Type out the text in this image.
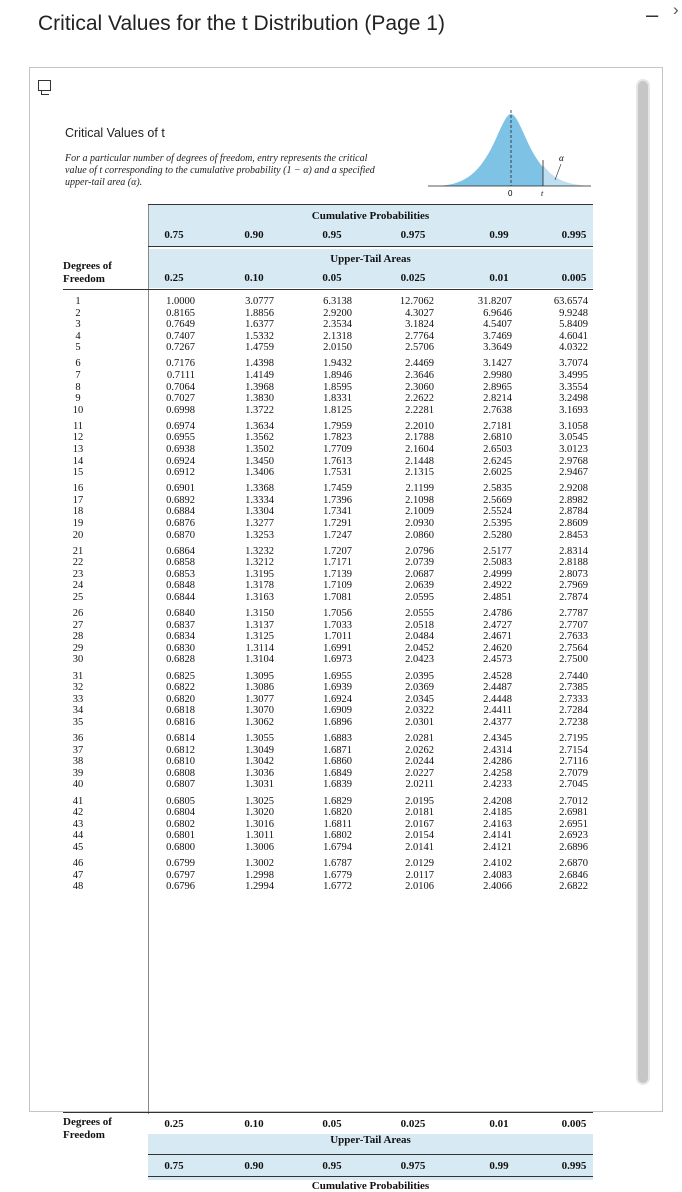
Critical Values for the t Distribution (Page 1)	– ›
Critical Values of t
For a particular number of degrees of freedom, entry represents the critical value of t corresponding to the cumulative probability (1 − α) and a specified upper-tail area (α).
α
0	t
Cumulative Probabilities
0.75	0.90	0.95	0.975	0.99	0.995
Upper-Tail Areas
Degrees of
Freedom	0.25	0.10	0.05	0.025	0.01	0.005
1	1.0000	3.0777	6.3138	12.7062	31.8207	63.6574
2	0.8165	1.8856	2.9200	4.3027	6.9646	9.9248
3	0.7649	1.6377	2.3534	3.1824	4.5407	5.8409
4	0.7407	1.5332	2.1318	2.7764	3.7469	4.6041
5	0.7267	1.4759	2.0150	2.5706	3.3649	4.0322
6	0.7176	1.4398	1.9432	2.4469	3.1427	3.7074
7	0.7111	1.4149	1.8946	2.3646	2.9980	3.4995
8	0.7064	1.3968	1.8595	2.3060	2.8965	3.3554
9	0.7027	1.3830	1.8331	2.2622	2.8214	3.2498
10	0.6998	1.3722	1.8125	2.2281	2.7638	3.1693
11	0.6974	1.3634	1.7959	2.2010	2.7181	3.1058
12	0.6955	1.3562	1.7823	2.1788	2.6810	3.0545
13	0.6938	1.3502	1.7709	2.1604	2.6503	3.0123
14	0.6924	1.3450	1.7613	2.1448	2.6245	2.9768
15	0.6912	1.3406	1.7531	2.1315	2.6025	2.9467
16	0.6901	1.3368	1.7459	2.1199	2.5835	2.9208
17	0.6892	1.3334	1.7396	2.1098	2.5669	2.8982
18	0.6884	1.3304	1.7341	2.1009	2.5524	2.8784
19	0.6876	1.3277	1.7291	2.0930	2.5395	2.8609
20	0.6870	1.3253	1.7247	2.0860	2.5280	2.8453
21	0.6864	1.3232	1.7207	2.0796	2.5177	2.8314
22	0.6858	1.3212	1.7171	2.0739	2.5083	2.8188
23	0.6853	1.3195	1.7139	2.0687	2.4999	2.8073
24	0.6848	1.3178	1.7109	2.0639	2.4922	2.7969
25	0.6844	1.3163	1.7081	2.0595	2.4851	2.7874
26	0.6840	1.3150	1.7056	2.0555	2.4786	2.7787
27	0.6837	1.3137	1.7033	2.0518	2.4727	2.7707
28	0.6834	1.3125	1.7011	2.0484	2.4671	2.7633
29	0.6830	1.3114	1.6991	2.0452	2.4620	2.7564
30	0.6828	1.3104	1.6973	2.0423	2.4573	2.7500
31	0.6825	1.3095	1.6955	2.0395	2.4528	2.7440
32	0.6822	1.3086	1.6939	2.0369	2.4487	2.7385
33	0.6820	1.3077	1.6924	2.0345	2.4448	2.7333
34	0.6818	1.3070	1.6909	2.0322	2.4411	2.7284
35	0.6816	1.3062	1.6896	2.0301	2.4377	2.7238
36	0.6814	1.3055	1.6883	2.0281	2.4345	2.7195
37	0.6812	1.3049	1.6871	2.0262	2.4314	2.7154
38	0.6810	1.3042	1.6860	2.0244	2.4286	2.7116
39	0.6808	1.3036	1.6849	2.0227	2.4258	2.7079
40	0.6807	1.3031	1.6839	2.0211	2.4233	2.7045
41	0.6805	1.3025	1.6829	2.0195	2.4208	2.7012
42	0.6804	1.3020	1.6820	2.0181	2.4185	2.6981
43	0.6802	1.3016	1.6811	2.0167	2.4163	2.6951
44	0.6801	1.3011	1.6802	2.0154	2.4141	2.6923
45	0.6800	1.3006	1.6794	2.0141	2.4121	2.6896
46	0.6799	1.3002	1.6787	2.0129	2.4102	2.6870
47	0.6797	1.2998	1.6779	2.0117	2.4083	2.6846
48	0.6796	1.2994	1.6772	2.0106	2.4066	2.6822
Degrees of
Freedom
0.25	0.10	0.05	0.025	0.01	0.005
Upper-Tail Areas
0.75	0.90	0.95	0.975	0.99	0.995
Cumulative Probabilities
